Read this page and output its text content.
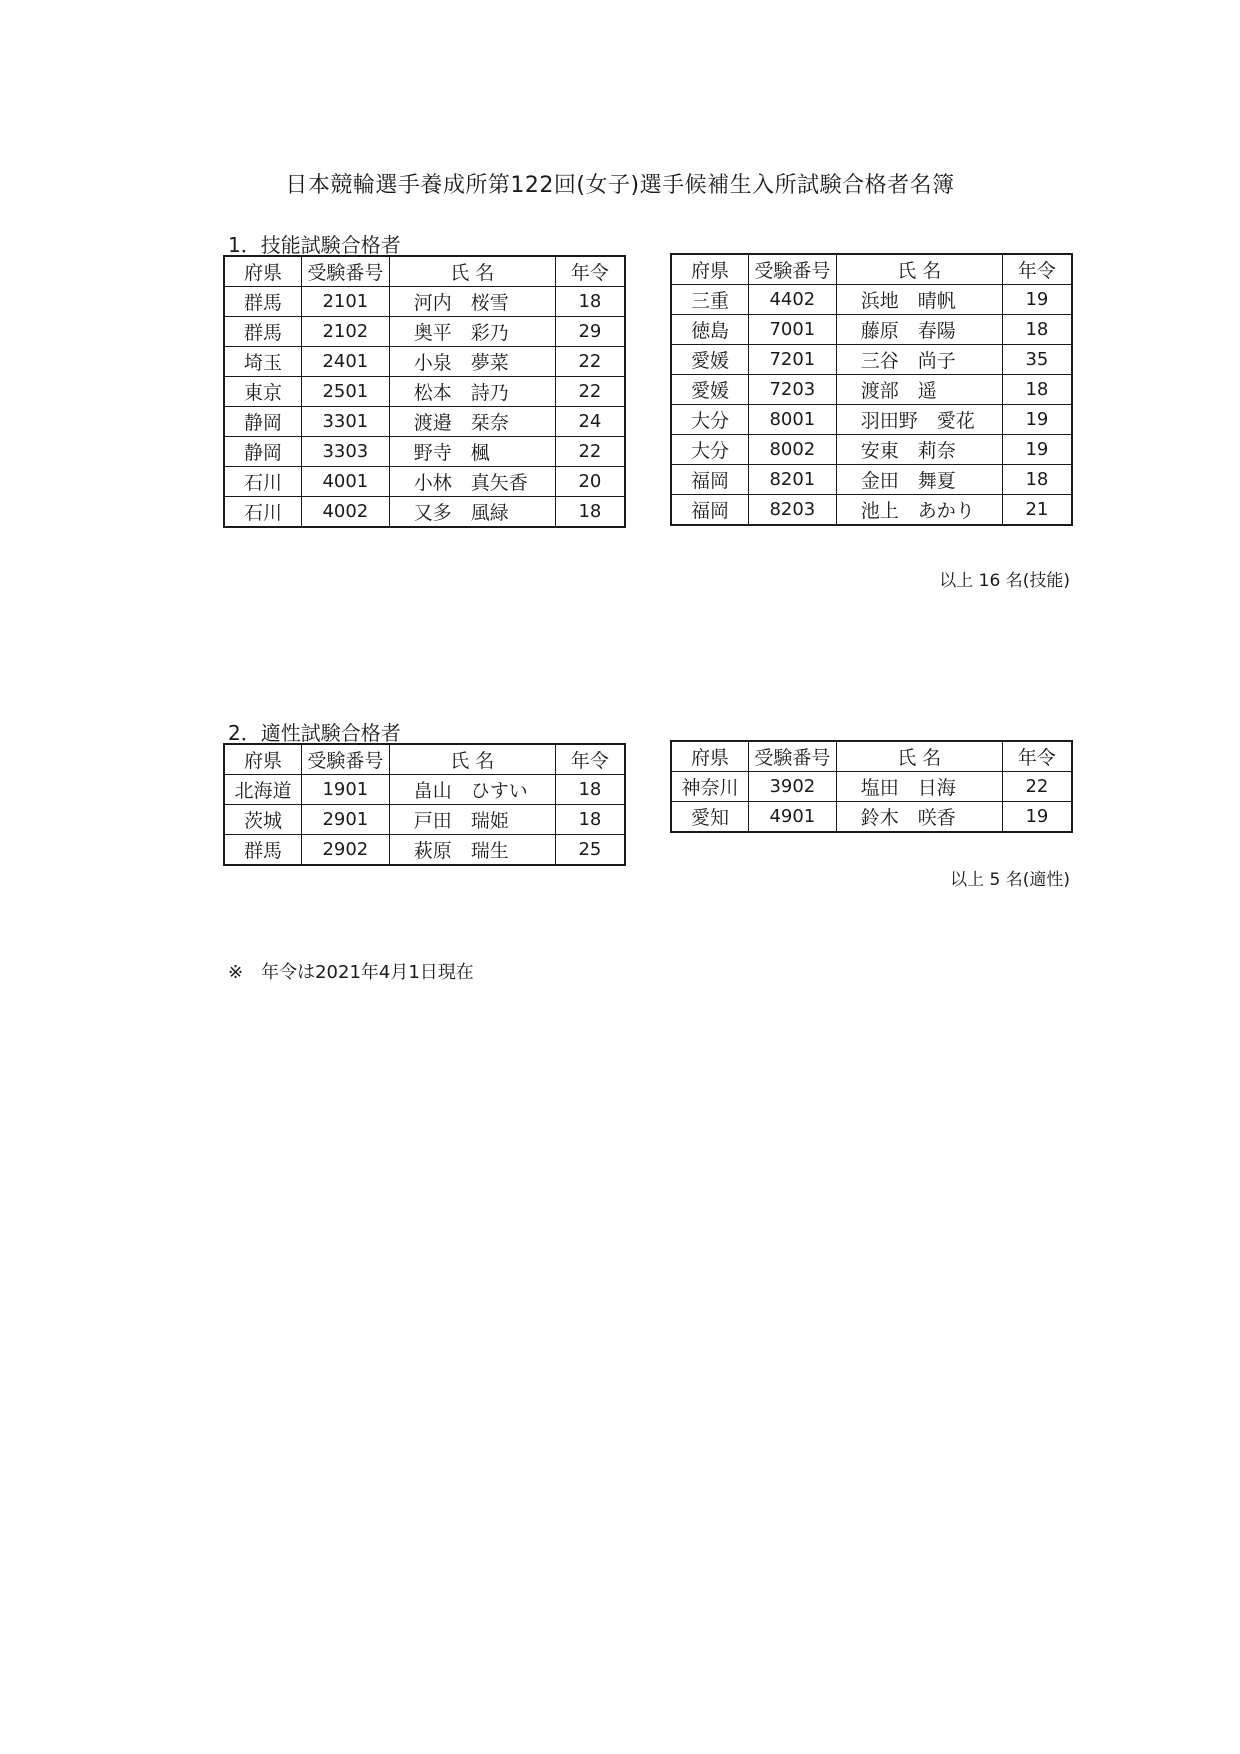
日本競輪選手養成所第122回(女子)選手候補生入所試験合格者名簿
1．技能試験合格者
府県	受験番号	氏 名	年令
群馬	2101	河内　桜雪	18
群馬	2102	奥平　彩乃	29
埼玉	2401	小泉　夢菜	22
東京	2501	松本　詩乃	22
静岡	3301	渡邉　栞奈	24
静岡	3303	野寺　楓	22
石川	4001	小林　真矢香	20
石川	4002	又多　風緑	18
府県	受験番号	氏 名	年令
三重	4402	浜地　晴帆	19
徳島	7001	藤原　春陽	18
愛媛	7201	三谷　尚子	35
愛媛	7203	渡部　遥	18
大分	8001	羽田野　愛花	19
大分	8002	安東　莉奈	19
福岡	8201	金田　舞夏	18
福岡	8203	池上　あかり	21
以上 16 名(技能)
2．適性試験合格者
府県	受験番号	氏 名	年令
北海道	1901	畠山　ひすい	18
茨城	2901	戸田　瑞姫	18
群馬	2902	萩原　瑞生	25
府県	受験番号	氏 名	年令
神奈川	3902	塩田　日海	22
愛知	4901	鈴木　咲香	19
以上 5 名(適性)
※　年令は2021年4月1日現在
